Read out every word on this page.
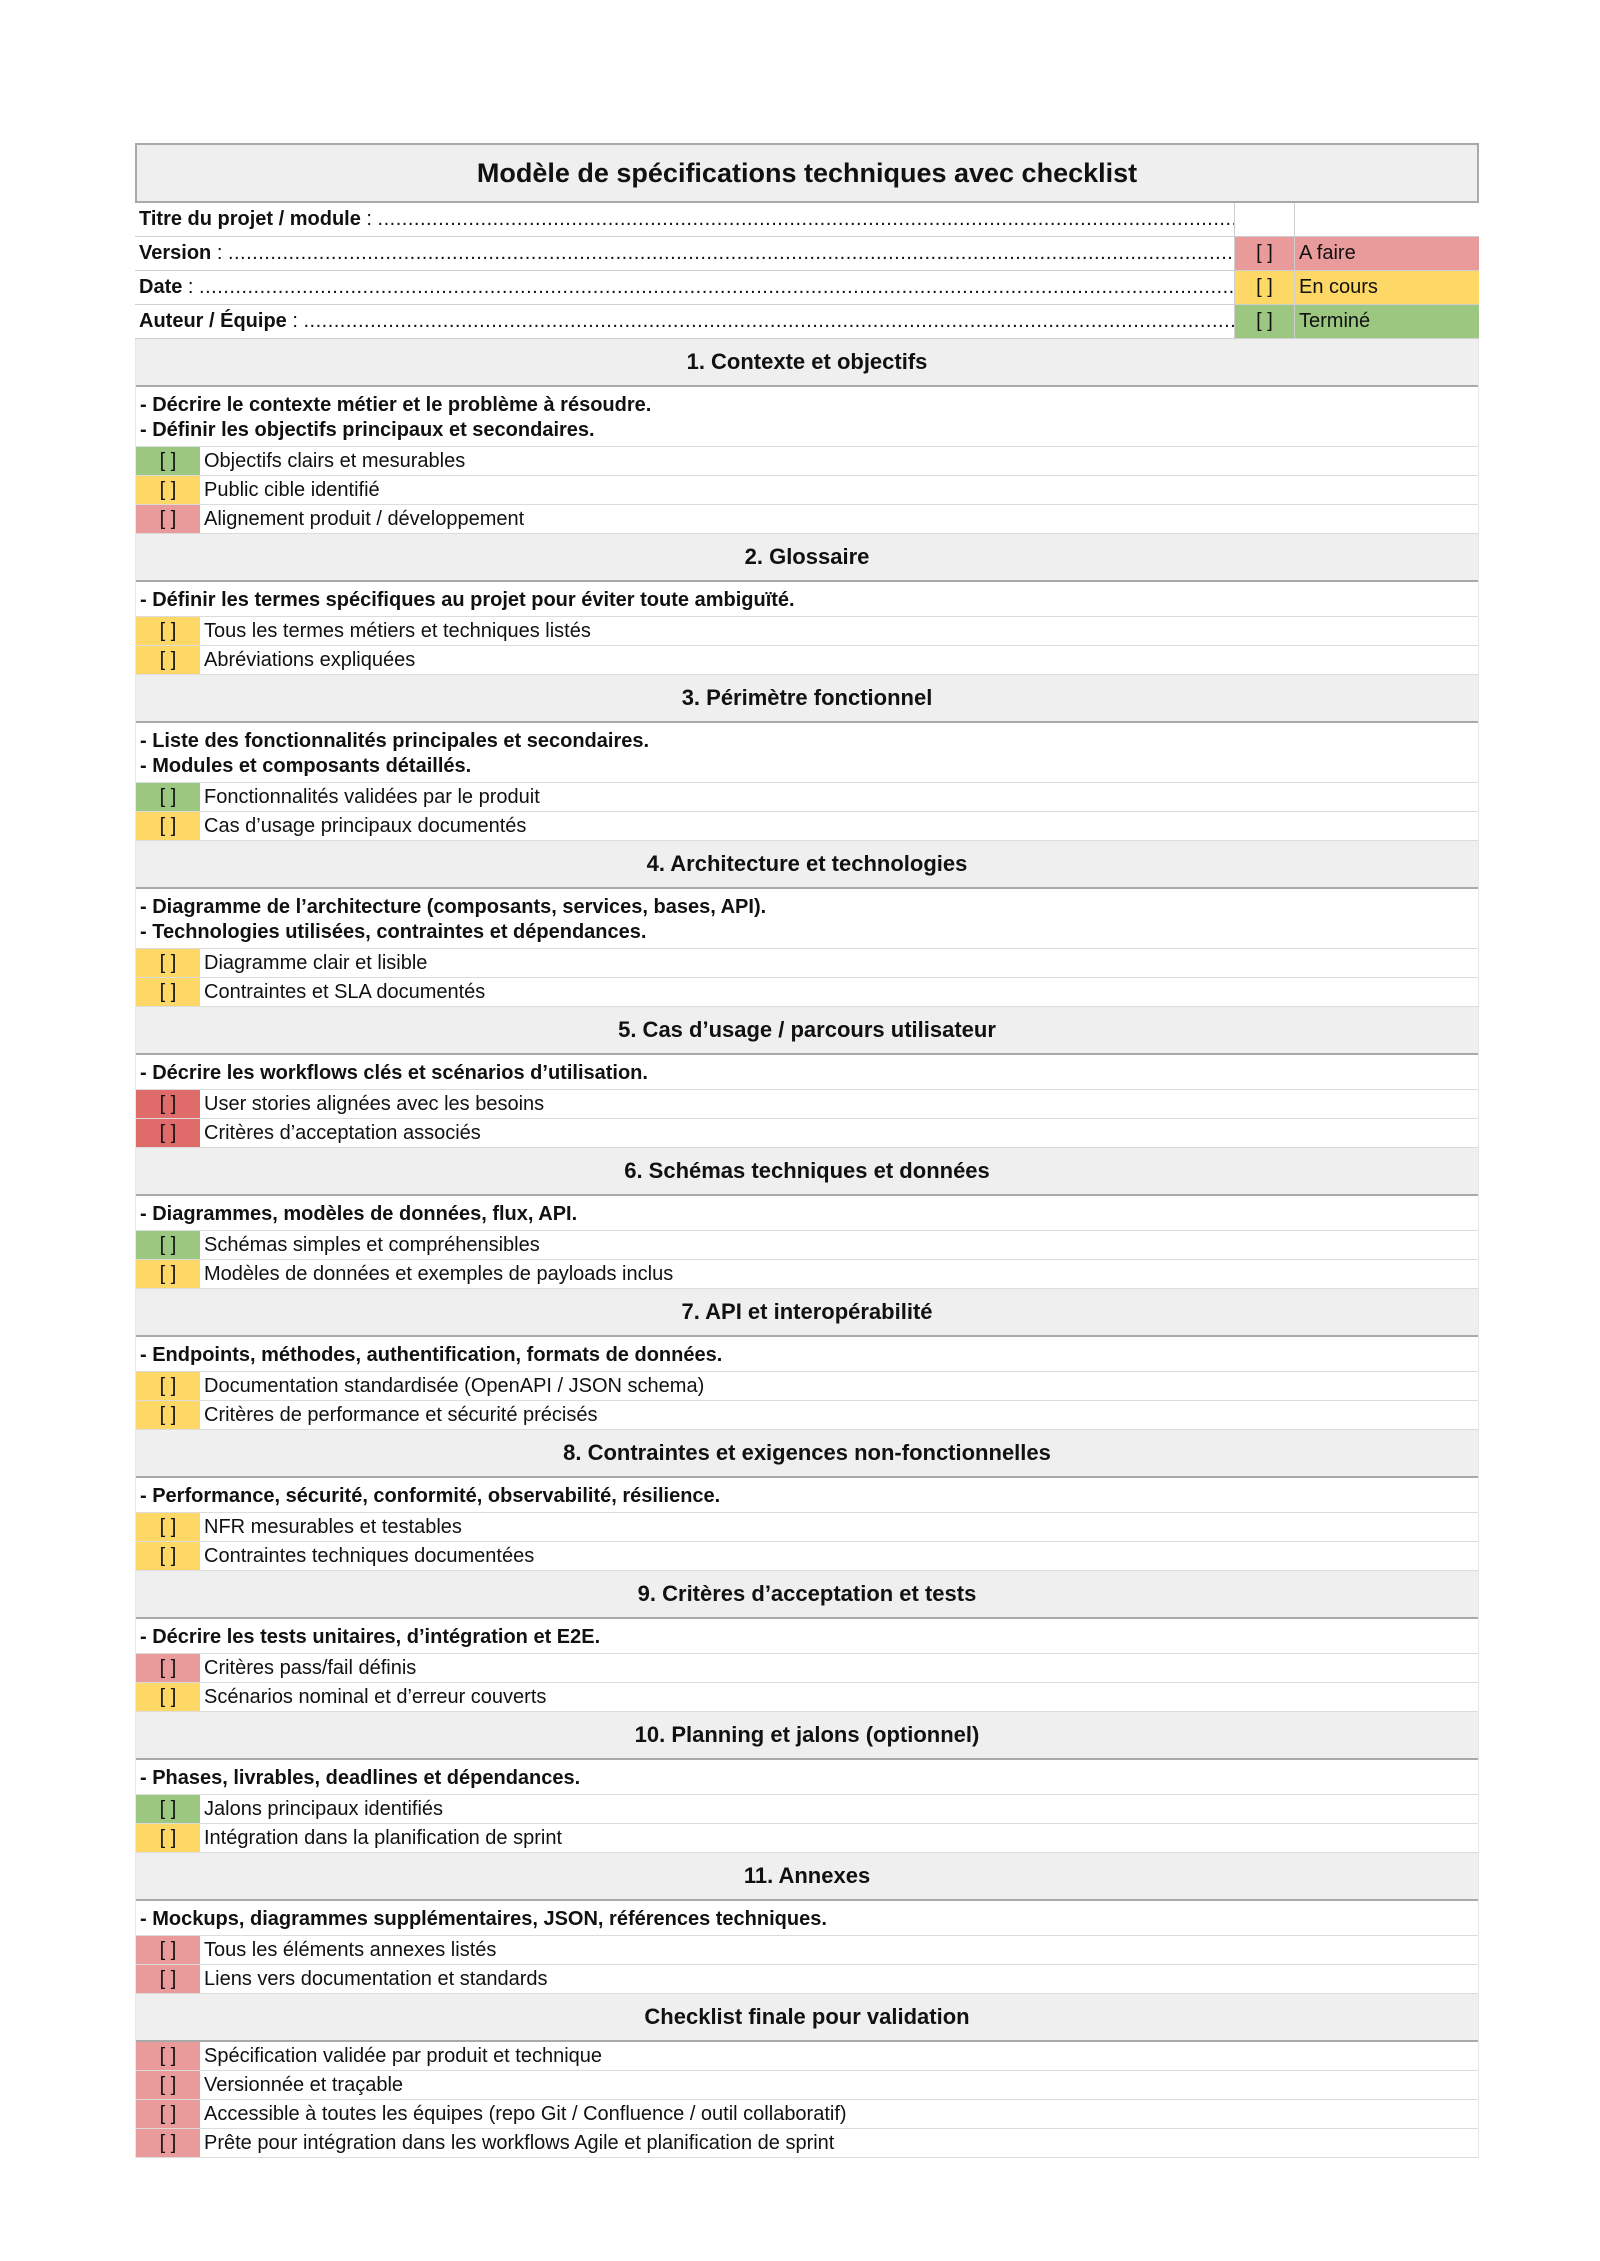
Modèle de spécifications techniques avec checklist
Titre du projet / module :
.....
Version : .....	[ ]	A faire
Date : .....	[ ]	En cours
Auteur / Équipe : .....	[ ]	Terminé
1. Contexte et objectifs
- Décrire le contexte métier et le problème à résoudre.
- Définir les objectifs principaux et secondaires.
[ ]	Objectifs clairs et mesurables
[ ]	Public cible identifié
[ ]	Alignement produit / développement
2. Glossaire
- Définir les termes spécifiques au projet pour éviter toute ambiguïté.
[ ]	Tous les termes métiers et techniques listés
[ ]	Abréviations expliquées
3. Périmètre fonctionnel
- Liste des fonctionnalités principales et secondaires.
- Modules et composants détaillés.
[ ]	Fonctionnalités validées par le produit
[ ]	Cas d’usage principaux documentés
4. Architecture et technologies
- Diagramme de l’architecture (composants, services, bases, API).
- Technologies utilisées, contraintes et dépendances.
[ ]	Diagramme clair et lisible
[ ]	Contraintes et SLA documentés
5. Cas d’usage / parcours utilisateur
- Décrire les workflows clés et scénarios d’utilisation.
[ ]	User stories alignées avec les besoins
[ ]	Critères d’acceptation associés
6. Schémas techniques et données
- Diagrammes, modèles de données, flux, API.
[ ]	Schémas simples et compréhensibles
[ ]	Modèles de données et exemples de payloads inclus
7. API et interopérabilité
- Endpoints, méthodes, authentification, formats de données.
[ ]	Documentation standardisée (OpenAPI / JSON schema)
[ ]	Critères de performance et sécurité précisés
8. Contraintes et exigences non-fonctionnelles
- Performance, sécurité, conformité, observabilité, résilience.
[ ]	NFR mesurables et testables
[ ]	Contraintes techniques documentées
9. Critères d’acceptation et tests
- Décrire les tests unitaires, d’intégration et E2E.
[ ]	Critères pass/fail définis
[ ]	Scénarios nominal et d’erreur couverts
10. Planning et jalons (optionnel)
- Phases, livrables, deadlines et dépendances.
[ ]	Jalons principaux identifiés
[ ]	Intégration dans la planification de sprint
11. Annexes
- Mockups, diagrammes supplémentaires, JSON, références techniques.
[ ]	Tous les éléments annexes listés
[ ]	Liens vers documentation et standards
Checklist finale pour validation
[ ]	Spécification validée par produit et technique
[ ]	Versionnée et traçable
[ ]	Accessible à toutes les équipes (repo Git / Confluence / outil collaboratif)
[ ]	Prête pour intégration dans les workflows Agile et planification de sprint
